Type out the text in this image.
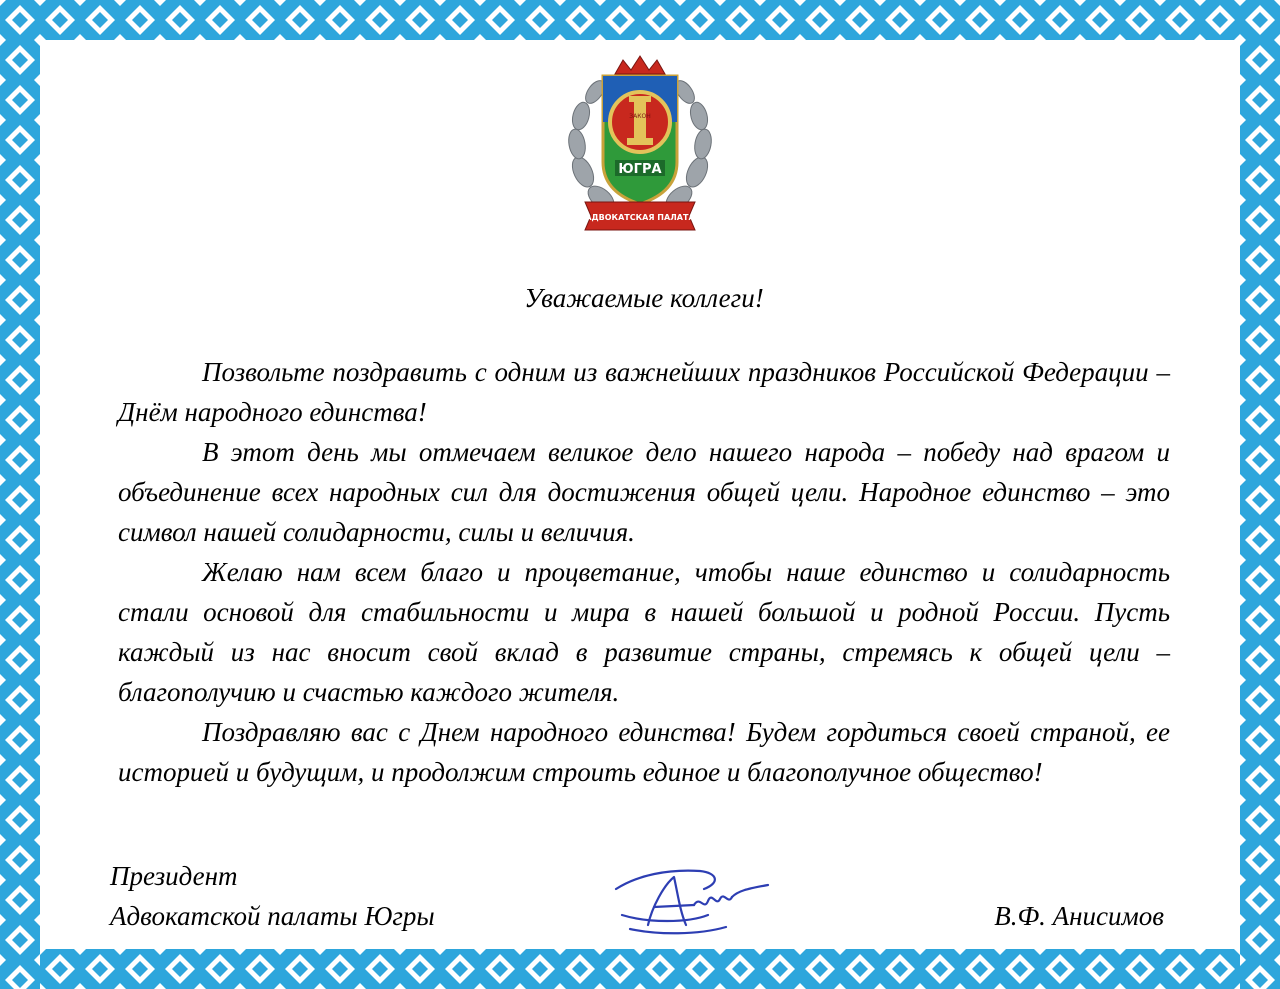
ЗАКОН
ЮГРА
АДВОКАТСКАЯ ПАЛАТА
Уважаемые коллеги!

Позвольте поздравить с одним из важнейших праздников Российской Федерации – Днём народного единства!

В этот день мы отмечаем великое дело нашего народа – победу над врагом и объединение всех народных сил для достижения общей цели. Народное единство – это символ нашей солидарности, силы и величия.

Желаю нам всем благо и процветание, чтобы наше единство и солидарность стали основой для стабильности и мира в нашей большой и родной России. Пусть каждый из нас вносит свой вклад в развитие страны, стремясь к общей цели – благополучию и счастью каждого жителя.

Поздравляю вас с Днем народного единства! Будем гордиться своей страной, ее историей и будущим, и продолжим строить единое и благополучное общество!

Президент
Адвокатской палаты Югры	В.Ф. Анисимов
